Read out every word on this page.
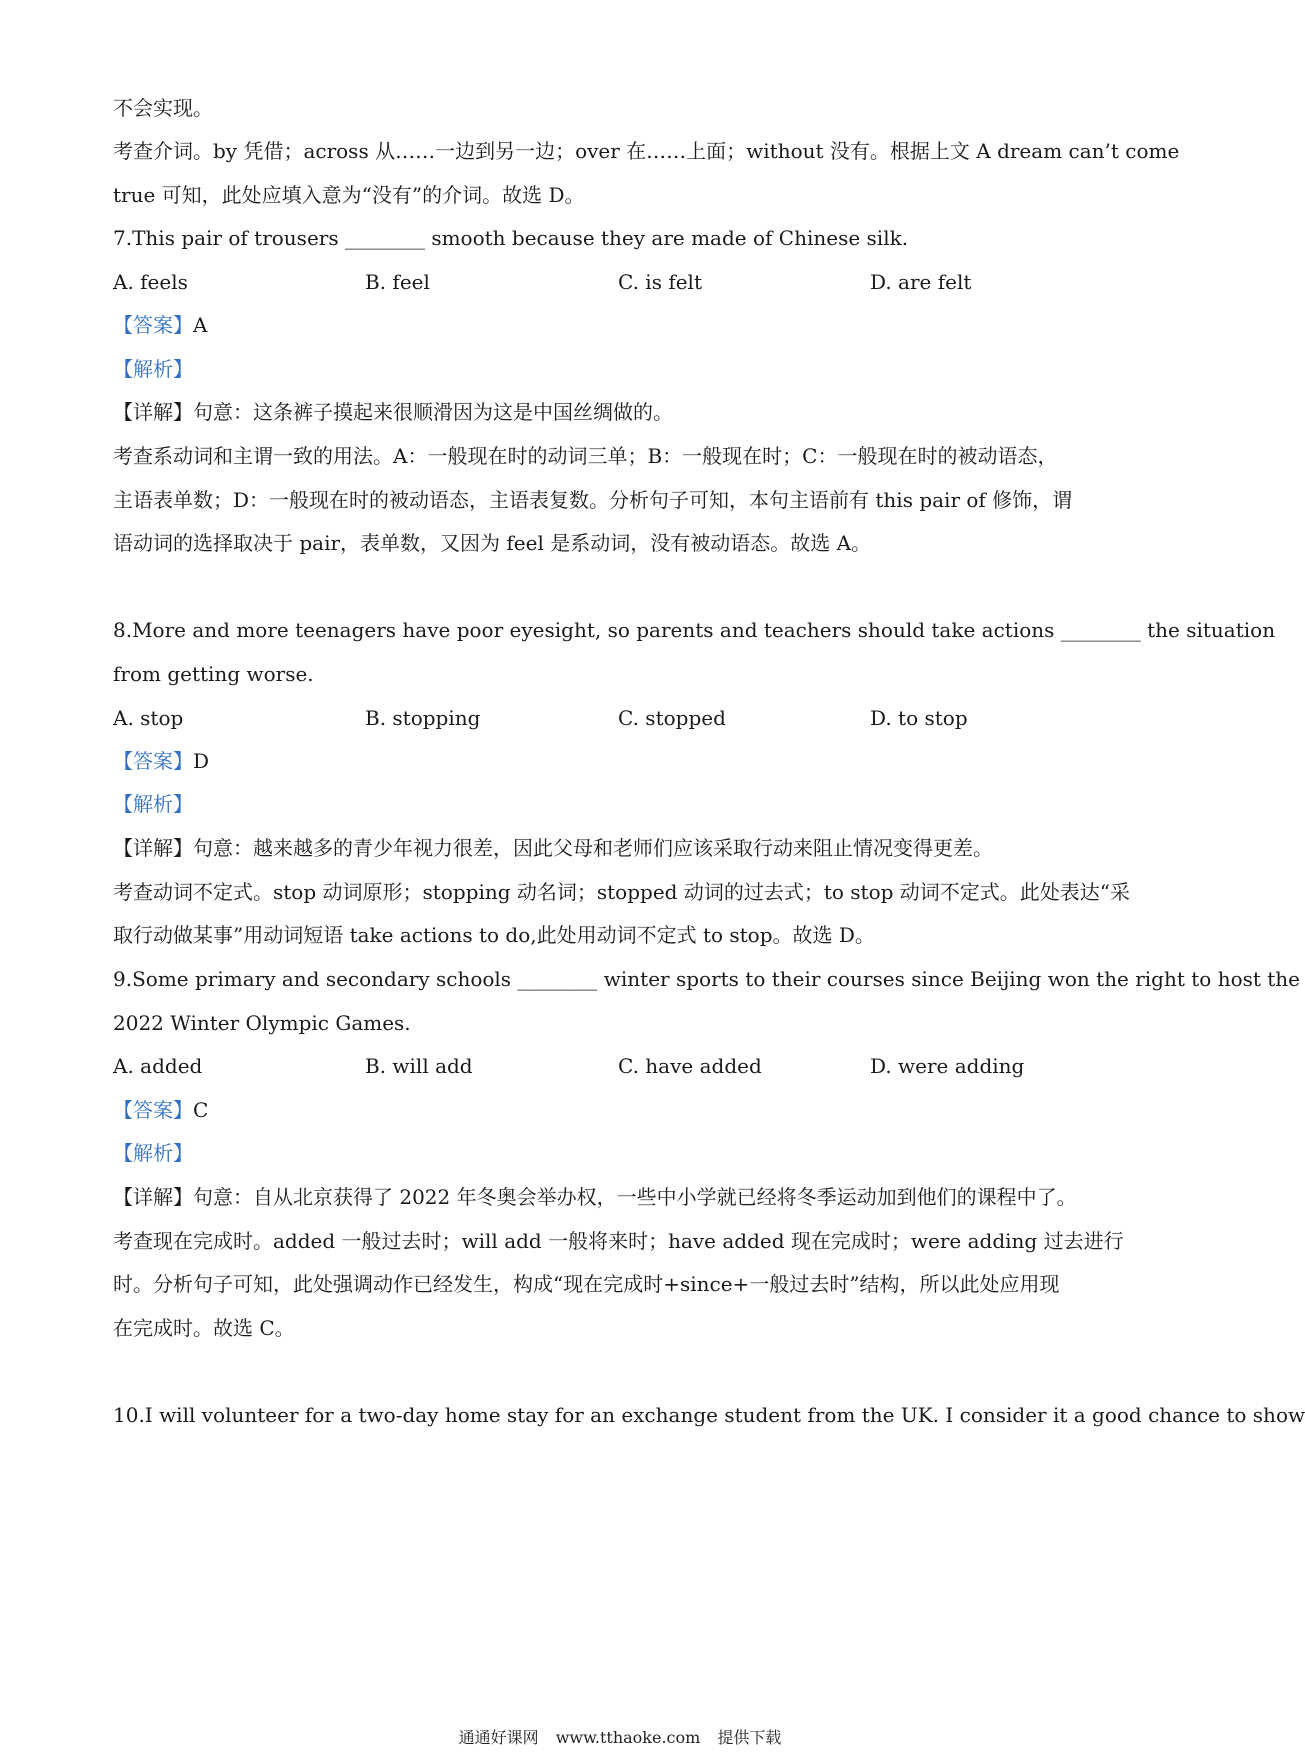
不会实现。
考查介词。by 凭借；across 从……一边到另一边；over 在……上面；without 没有。根据上文 A dream can’t come
true 可知，此处应填入意为“没有”的介词。故选 D。
7.This pair of trousers ________ smooth because they are made of Chinese silk.
A. feels	B. feel	C. is felt	D. are felt
【答案】A
【解析】
【详解】句意：这条裤子摸起来很顺滑因为这是中国丝绸做的。
考查系动词和主谓一致的用法。A：一般现在时的动词三单；B：一般现在时；C：一般现在时的被动语态，
主语表单数；D：一般现在时的被动语态，主语表复数。分析句子可知，本句主语前有 this pair of 修饰，谓
语动词的选择取决于 pair，表单数，又因为 feel 是系动词，没有被动语态。故选 A。
8.More and more teenagers have poor eyesight, so parents and teachers should take actions ________ the situation
from getting worse.
A. stop	B. stopping	C. stopped	D. to stop
【答案】D
【解析】
【详解】句意：越来越多的青少年视力很差，因此父母和老师们应该采取行动来阻止情况变得更差。
考查动词不定式。stop 动词原形；stopping 动名词；stopped 动词的过去式；to stop 动词不定式。此处表达“采
取行动做某事”用动词短语 take actions to do,此处用动词不定式 to stop。故选 D。
9.Some primary and secondary schools ________ winter sports to their courses since Beijing won the right to host the
2022 Winter Olympic Games.
A. added	B. will add	C. have added	D. were adding
【答案】C
【解析】
【详解】句意：自从北京获得了 2022 年冬奥会举办权，一些中小学就已经将冬季运动加到他们的课程中了。
考查现在完成时。added 一般过去时；will add 一般将来时；have added 现在完成时；were adding 过去进行
时。分析句子可知，此处强调动作已经发生，构成“现在完成时+since+一般过去时”结构，所以此处应用现
在完成时。故选 C。
10.I will volunteer for a two-day home stay for an exchange student from the UK. I consider it a good chance to show
通通好课网 www.tthaoke.com 提供下载
